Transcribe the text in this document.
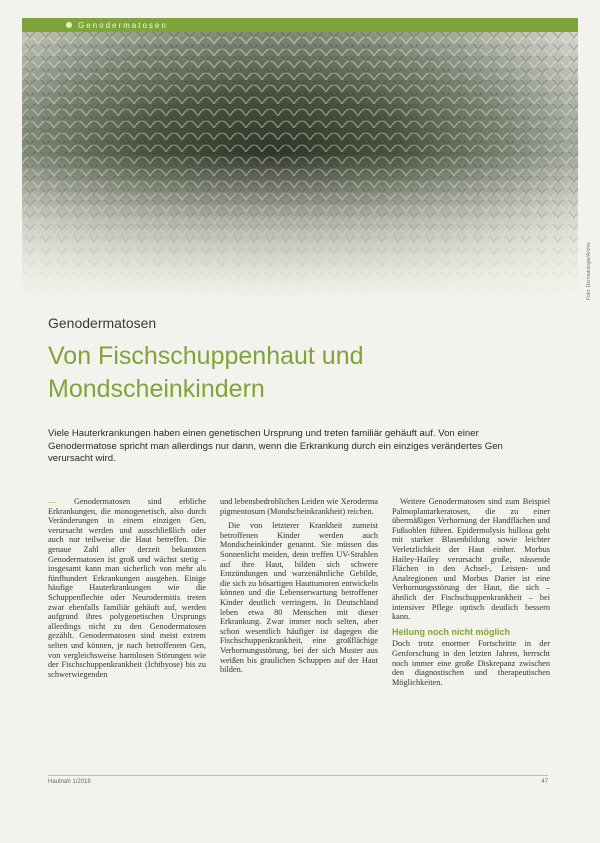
Genodermatosen
Foto: Dermatologie/Archiv
Genodermatosen
Von Fischschuppenhaut und
Mondscheinkindern
Viele Hauterkrankungen haben einen genetischen Ursprung und treten familiär gehäuft auf. Von einer Genodermatose spricht man allerdings nur dann, wenn die Erkrankung durch ein einziges verändertes Gen verursacht wird.

— Genodermatosen sind erbliche Erkrankungen, die monogenetisch, also durch Veränderungen in einem einzigen Gen, verursacht werden und ausschließlich oder auch nur teilweise die Haut betreffen. Die genaue Zahl aller derzeit bekannten Genodermatosen ist groß und wächst stetig – insgesamt kann man sicherlich von mehr als fünfhundert Erkrankungen ausgehen. Einige häufige Hauterkrankungen wie die Schuppenflechte oder Neurodermitis treten zwar ebenfalls familiär gehäuft auf, werden aufgrund ihres polygenetischen Ursprungs allerdings nicht zu den Genodermatosen gezählt. Genodermatosen sind meist extrem selten und können, je nach betroffenem Gen, von vergleichsweise harmlosen Störungen wie der Fischschuppenkrankheit (Ichthyose) bis zu schwerwiegenden

und lebensbedrohlichen Leiden wie Xeroderma pigmentosum (Mondscheinkrankheit) reichen.

Die von letzterer Krankheit zumeist betroffenen Kinder werden auch Mondscheinkinder genannt. Sie müssen das Sonnenlicht meiden, denn treffen UV-Strahlen auf ihre Haut, bilden sich schwere Entzündungen und warzenähnliche Gebilde, die sich zu bösartigen Hauttumoren entwickeln können und die Lebenserwartung betroffener Kinder deutlich verringern. In Deutschland leben etwa 80 Menschen mit dieser Erkrankung. Zwar immer noch selten, aber schon wesentlich häufiger ist dagegen die Fischschuppenkrankheit, eine großflächige Verhornungsstörung, bei der sich Muster aus weißen bis graulichen Schuppen auf der Haut bilden.

Weitere Genodermatosen sind zum Beispiel Palmoplantarkeratosen, die zu einer übermäßigen Verhornung der Handflächen und Fußsohlen führen. Epidermolysis bullosa geht mit starker Blasenbildung sowie leichter Verletzlichkeit der Haut einher. Morbus Hailey-Hailey verursacht große, nässende Flächen in den Achsel-, Leisten- und Analregionen und Morbus Darier ist eine Verhornungsstörung der Haut, die sich – ähnlich der Fischschuppenkrankheit – bei intensiver Pflege optisch deutlich bessern kann.

Heilung noch nicht möglich

Doch trotz enormer Fortschritte in der Genforschung in den letzten Jahren, herrscht noch immer eine große Diskrepanz zwischen den diagnostischen und therapeutischen Möglichkeiten.

Hautnah 1/2018	47
